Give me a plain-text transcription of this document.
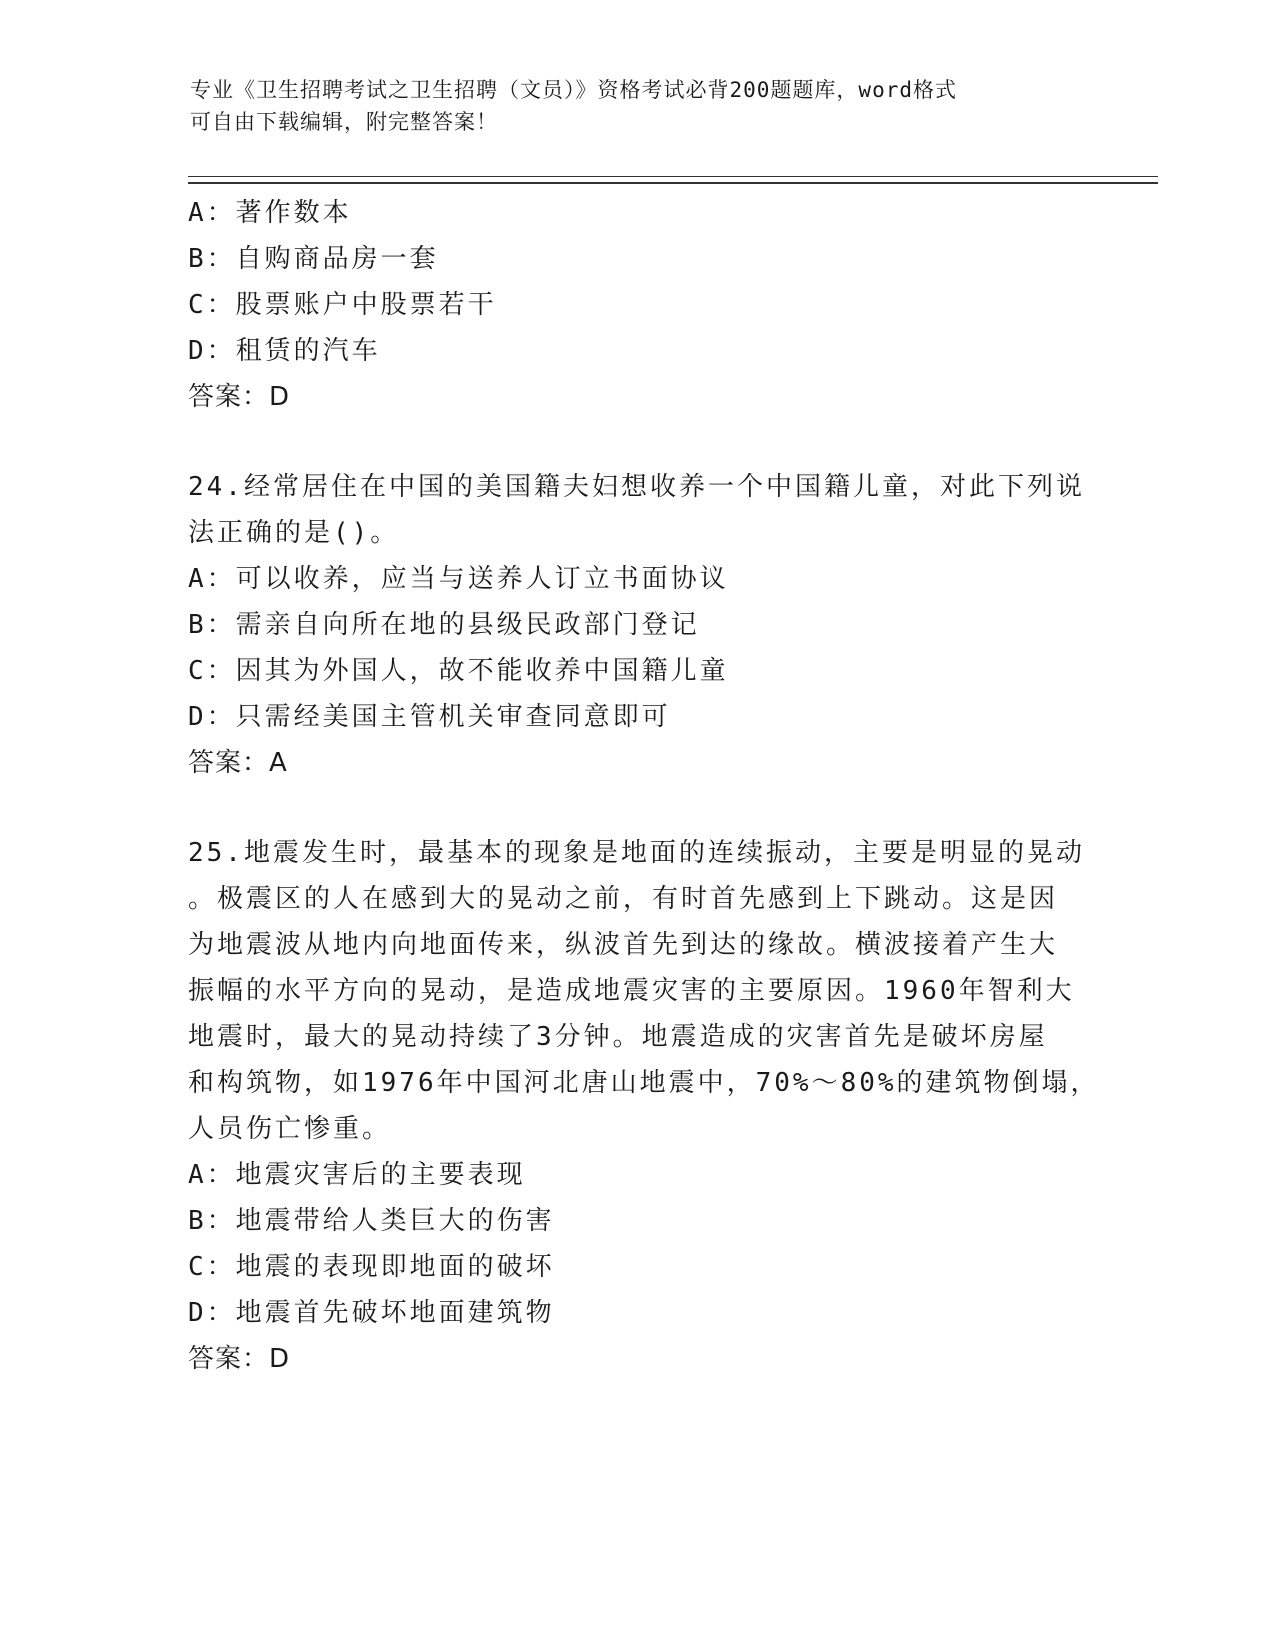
专业《卫生招聘考试之卫生招聘（文员）》资格考试必背200题题库，word格式
可自由下载编辑，附完整答案！
A：著作数本
B：自购商品房一套
C：股票账户中股票若干
D：租赁的汽车
答案：D
24.经常居住在中国的美国籍夫妇想收养一个中国籍儿童，对此下列说
法正确的是()。
A：可以收养，应当与送养人订立书面协议
B：需亲自向所在地的县级民政部门登记
C：因其为外国人，故不能收养中国籍儿童
D：只需经美国主管机关审查同意即可
答案：A
25.地震发生时，最基本的现象是地面的连续振动，主要是明显的晃动
。极震区的人在感到大的晃动之前，有时首先感到上下跳动。这是因
为地震波从地内向地面传来，纵波首先到达的缘故。横波接着产生大
振幅的水平方向的晃动，是造成地震灾害的主要原因。1960年智利大
地震时，最大的晃动持续了3分钟。地震造成的灾害首先是破坏房屋
和构筑物，如1976年中国河北唐山地震中，70%～80%的建筑物倒塌，
人员伤亡惨重。
A：地震灾害后的主要表现
B：地震带给人类巨大的伤害
C：地震的表现即地面的破坏
D：地震首先破坏地面建筑物
答案：D
